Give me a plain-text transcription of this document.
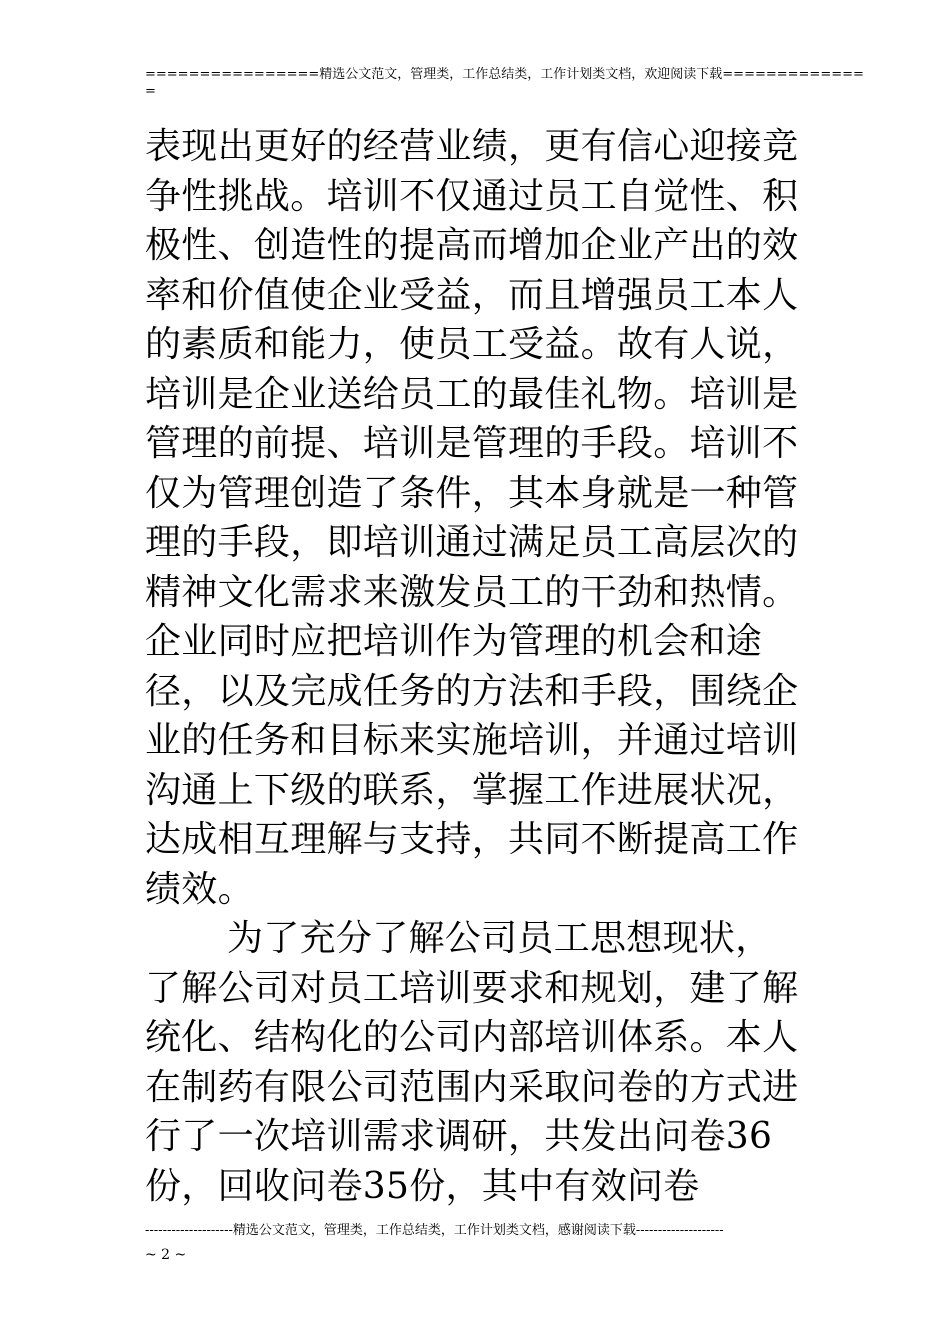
================精选公文范文，管理类，工作总结类，工作计划类文档，欢迎阅读下载=============
=

表现出更好的经营业绩，更有信心迎接竞争性挑战。培训不仅通过员工自觉性、积极性、创造性的提高而增加企业产出的效率和价值使企业受益，而且增强员工本人的素质和能力，使员工受益。故有人说，培训是企业送给员工的最佳礼物。培训是管理的前提、培训是管理的手段。培训不仅为管理创造了条件，其本身就是一种管理的手段，即培训通过满足员工高层次的精神文化需求来激发员工的干劲和热情。企业同时应把培训作为管理的机会和途径，以及完成任务的方法和手段，围绕企业的任务和目标来实施培训，并通过培训沟通上下级的联系，掌握工作进展状况，达成相互理解与支持，共同不断提高工作绩效。

为了充分了解公司员工思想现状，了解公司对员工培训要求和规划，建了解统化、结构化的公司内部培训体系。本人在制药有限公司范围内采取问卷的方式进行了一次培训需求调研，共发出问卷36份，回收问卷35份，其中有效问卷

--------------------精选公文范文，管理类，工作总结类，工作计划类文档，感谢阅读下载--------------------
~ 2 ~
